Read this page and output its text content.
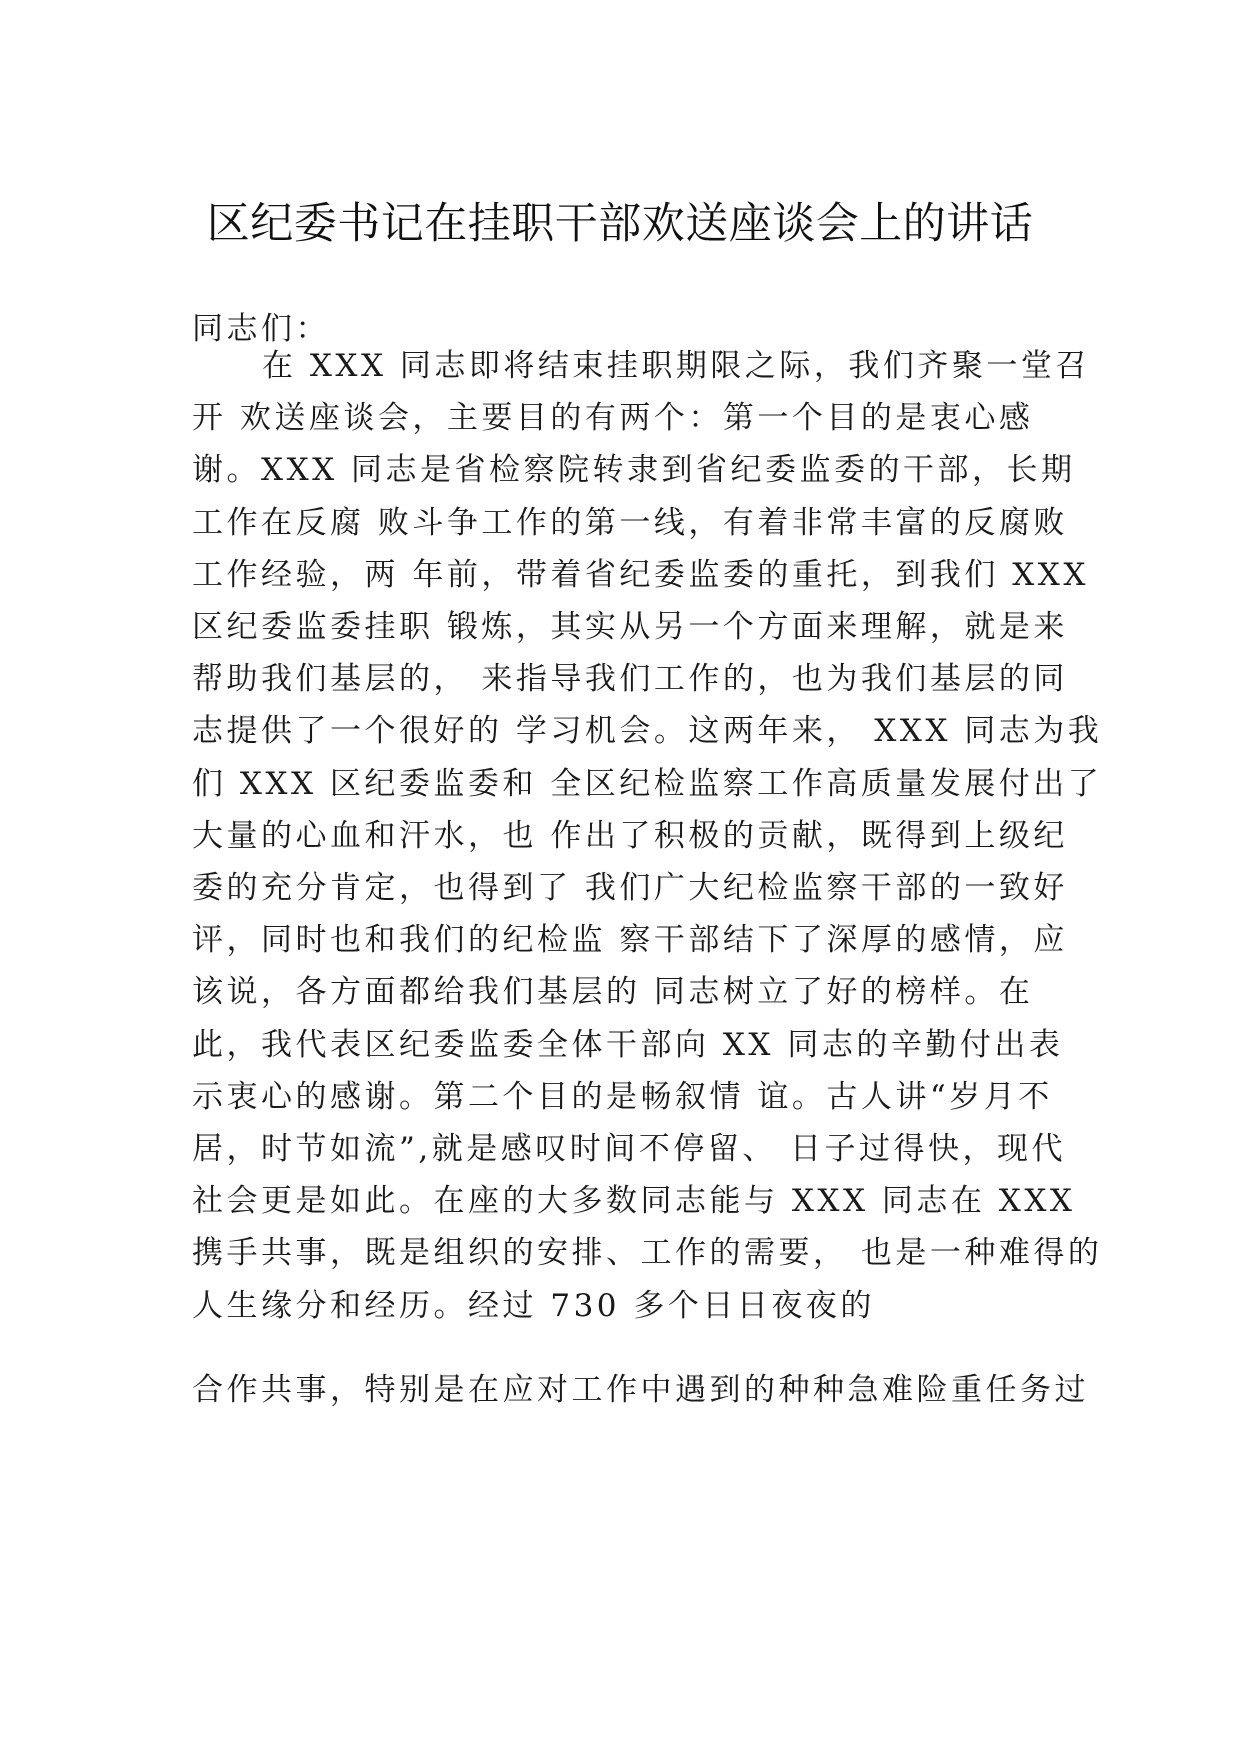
区纪委书记在挂职干部欢送座谈会上的讲话
同志们：
在 XXX 同志即将结束挂职期限之际，我们齐聚一堂召
开 欢送座谈会，主要目的有两个：第一个目的是衷心感
谢。XXX 同志是省检察院转隶到省纪委监委的干部，长期
工作在反腐 败斗争工作的第一线，有着非常丰富的反腐败
工作经验，两 年前，带着省纪委监委的重托，到我们 XXX
区纪委监委挂职 锻炼，其实从另一个方面来理解，就是来
帮助我们基层的， 来指导我们工作的，也为我们基层的同
志提供了一个很好的 学习机会。这两年来， XXX 同志为我
们 XXX 区纪委监委和 全区纪检监察工作高质量发展付出了
大量的心血和汗水，也 作出了积极的贡献，既得到上级纪
委的充分肯定，也得到了 我们广大纪检监察干部的一致好
评，同时也和我们的纪检监 察干部结下了深厚的感情，应
该说，各方面都给我们基层的 同志树立了好的榜样。在
此，我代表区纪委监委全体干部向 XX 同志的辛勤付出表
示衷心的感谢。第二个目的是畅叙情 谊。古人讲“岁月不
居，时节如流”,就是感叹时间不停留、 日子过得快，现代
社会更是如此。在座的大多数同志能与 XXX 同志在 XXX
携手共事，既是组织的安排、工作的需要， 也是一种难得的
人生缘分和经历。经过 730 多个日日夜夜的
合作共事，特别是在应对工作中遇到的种种急难险重任务过
